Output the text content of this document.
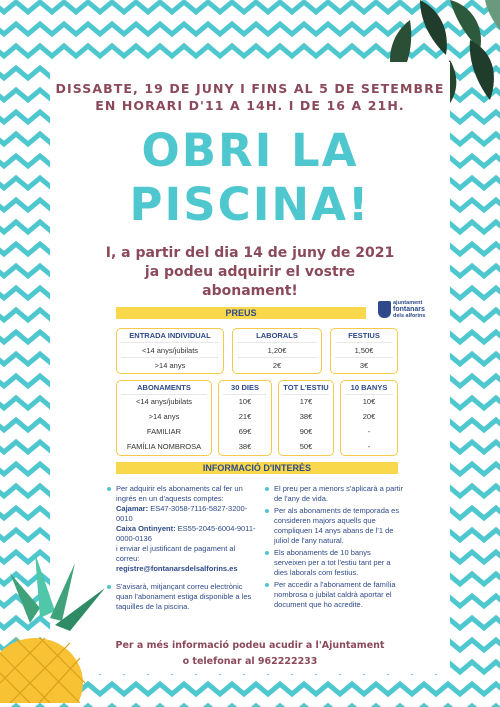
DISSABTE, 19 DE JUNY I FINS AL 5 DE SETEMBRE
EN HORARI D'11 A 14H. I DE 16 A 21H.
OBRI LA
PISCINA!
I, a partir del dia 14 de juny de 2021
ja podeu adquirir el vostre
abonament!
Per a més informació podeu acudir a l'Ajuntament
o telefonar al 962222233
PREUS
ajuntament
fontanars
dels alforins
ENTRADA INDIVIDUAL
<14 anys/jubilats
>14 anys
LABORALS
1,20€
2€
FESTIUS
1,50€
3€
ABONAMENTS
<14 anys/jubilats
>14 anys
FAMILIAR
FAMÍLIA NOMBROSA
30 DIES
10€
21€
69€
38€
TOT L'ESTIU
17€
38€
90€
50€
10 BANYS
10€
20€
-
-
INFORMACIÓ D'INTERÈS
Per adquirir els abonaments cal fer un ingrés en un d'aquests comptes:
Cajamar: ES47-3058-7116-5827-3200-0010
Caixa Ontinyent: ES55-2045-6004-9011-0000-0136
i enviar el justificant de pagament al correu:
registre@fontanarsdelsalforins.es
S'avisarà, mitjançant correu electrònic quan l'abonament estiga disponible a les taquilles de la piscina.
El preu per a menors s'aplicarà a partir de l'any de vida.
Per als abonaments de temporada es consideren majors aquells que compliquen 14 anys abans de l'1 de juliol de l'any natural.
Els abonaments de 10 banys serveixen per a tot l'estiu tant per a dies laborals com festius.
Per accedir a l'abonament de família nombrosa o jubilat caldrà aportar el document que ho acredite.
